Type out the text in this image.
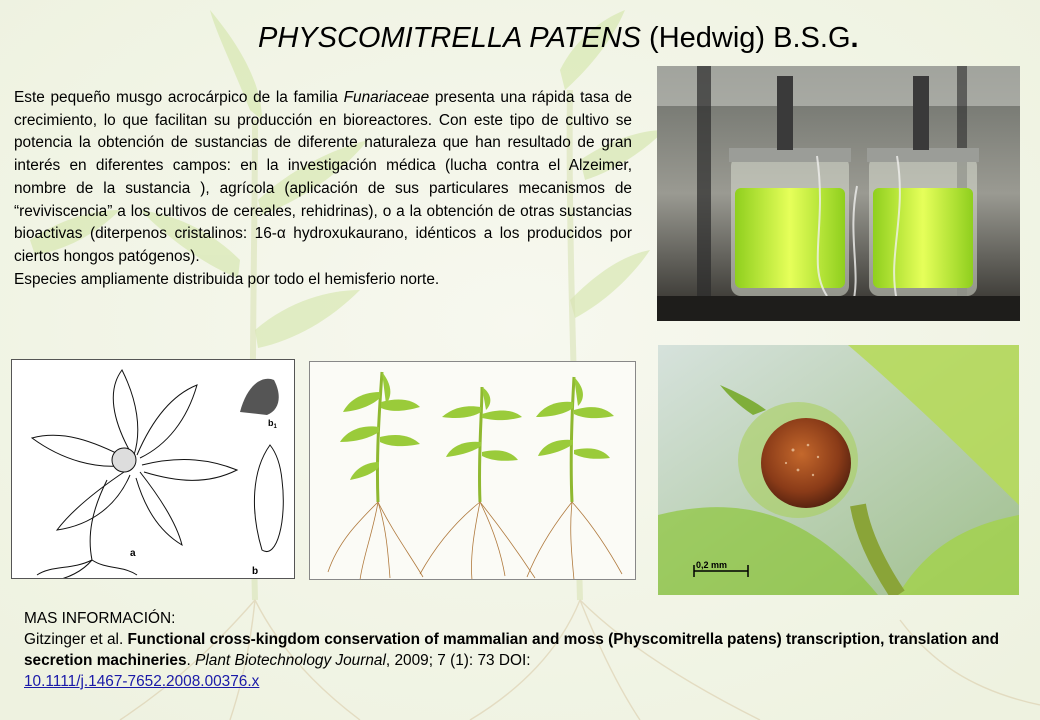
PHYSCOMITRELLA PATENS (Hedwig) B.S.G.

Este pequeño musgo acrocárpico de la familia Funariaceae presenta una rápida tasa de crecimiento, lo que facilitan su producción en bioreactores. Con este tipo de cultivo se potencia la obtención de sustancias de diferente naturaleza que han resultado de gran interés en diferentes campos: en la investigación médica (lucha contra el Alzeimer, nombre de la sustancia ), agrícola (aplicación de sus particulares mecanismos de “reviviscencia” a los cultivos de cereales, rehidrinas), o a la obtención de otras sustancias bioactivas (diterpenos cristalinos: 16-α hydroxukaurano, idénticos a los producidos por ciertos hongos patógenos).

Especies ampliamente distribuida por todo el hemisferio norte.

a
b
$b_1$
0,2 mm

MAS INFORMACIÓN:

Gitzinger et al. Functional cross-kingdom conservation of mammalian and moss (Physcomitrella patens) transcription, translation and secretion machineries. Plant Biotechnology Journal, 2009; 7 (1): 73 DOI:

10.1111/j.1467-7652.2008.00376.x
